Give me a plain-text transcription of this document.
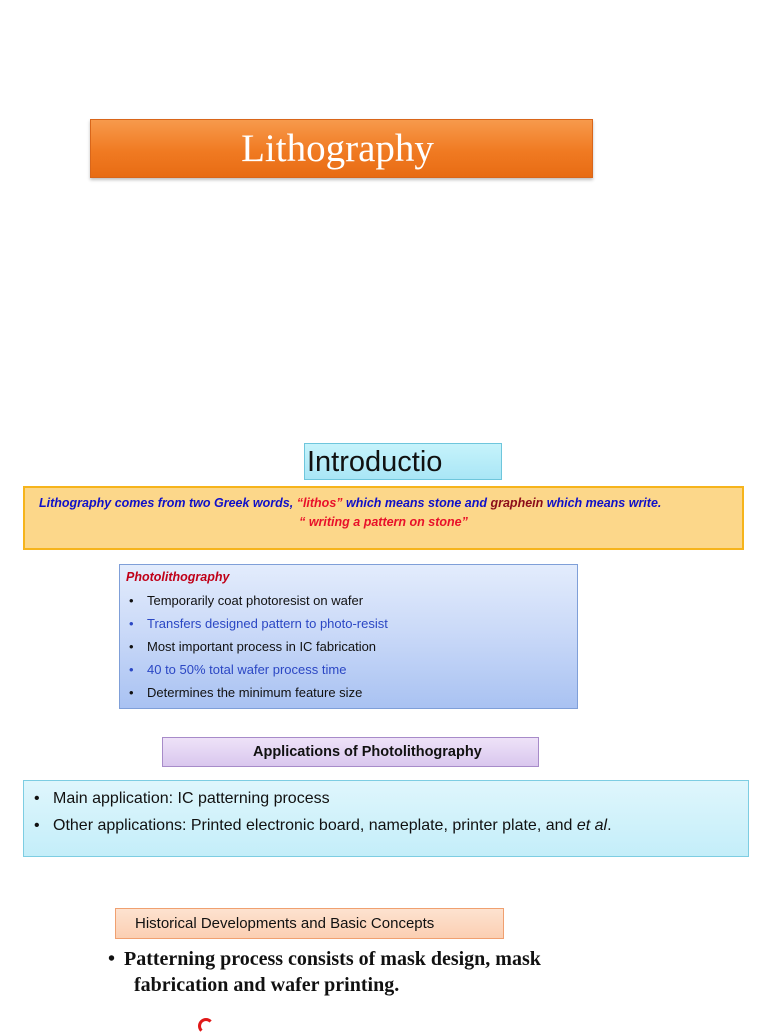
Lithography
Introductio
Lithography comes from two Greek words, “lithos” which means stone and graphein which means write.
“ writing a pattern on stone”
Photolithography
• Temporarily coat photoresist on wafer
• Transfers designed pattern to photo-resist
• Most important process in IC fabrication
• 40 to 50% total wafer process time
• Determines the minimum feature size
Applications of Photolithography
• Main application: IC patterning process
• Other applications: Printed electronic board, nameplate, printer plate, and et al.
Historical Developments and Basic Concepts
• Patterning process consists of mask design, mask
fabrication and wafer printing.
